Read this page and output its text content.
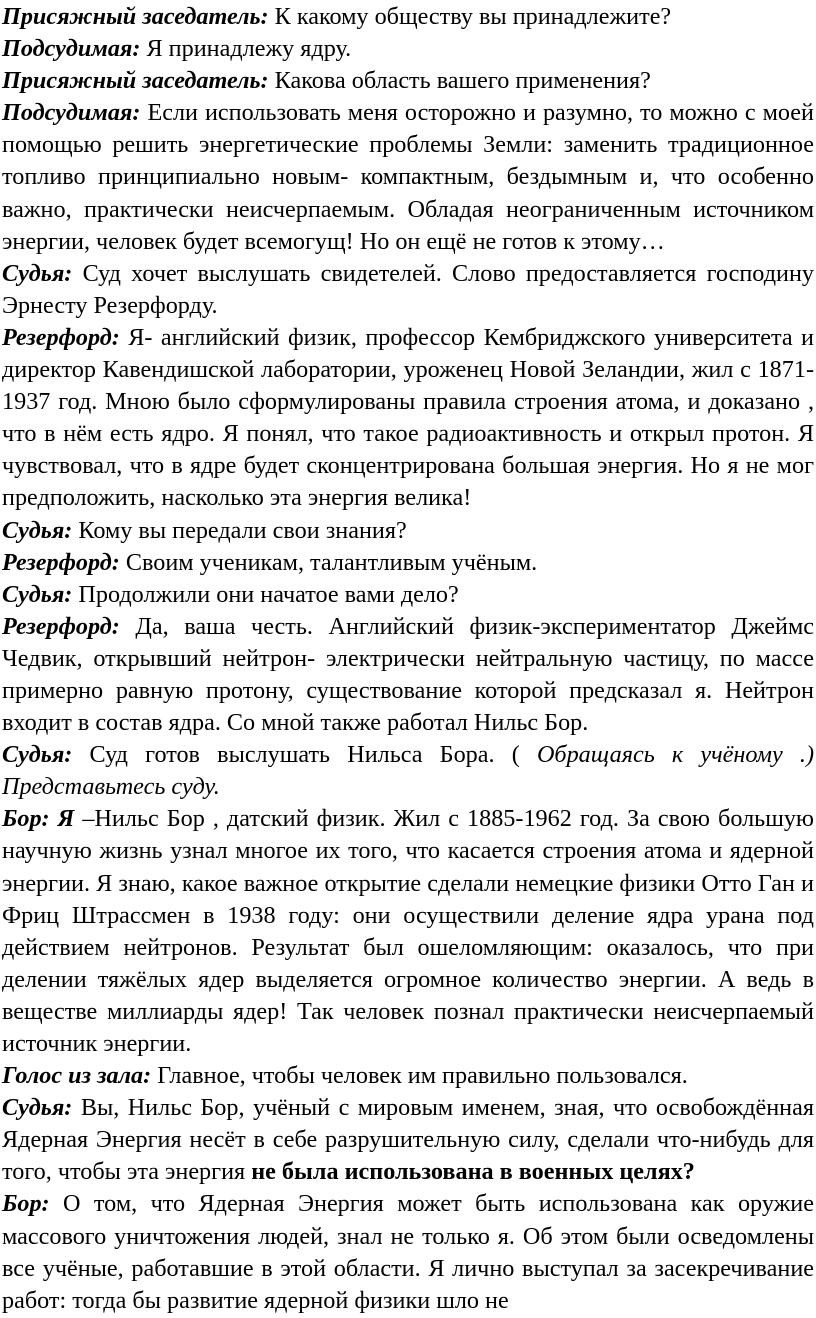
Присяжный заседатель: К какому обществу вы принадлежите?

Подсудимая: Я принадлежу ядру.

Присяжный заседатель: Какова область вашего применения?

Подсудимая: Если использовать меня осторожно и разумно, то можно с моей помощью решить энергетические проблемы Земли: заменить традиционное топливо принципиально новым- компактным, бездымным и, что особенно важно, практически неисчерпаемым. Обладая неограниченным источником энергии, человек будет всемогущ! Но он ещё не готов к этому…

Судья: Суд хочет выслушать свидетелей. Слово предоставляется господину Эрнесту Резерфорду.

Резерфорд: Я- английский физик, профессор Кембриджского университета и директор Кавендишской лаборатории, уроженец Новой Зеландии, жил с 1871-1937 год. Мною было сформулированы правила строения атома, и доказано , что в нём есть ядро. Я понял, что такое радиоактивность и открыл протон. Я чувствовал, что в ядре будет сконцентрирована большая энергия. Но я не мог предположить, насколько эта энергия велика!

Судья: Кому вы передали свои знания?

Резерфорд: Своим ученикам, талантливым учёным.

Судья: Продолжили они начатое вами дело?

Резерфорд: Да, ваша честь. Английский физик-экспериментатор Джеймс Чедвик, открывший нейтрон- электрически нейтральную частицу, по массе примерно равную протону, существование которой предсказал я. Нейтрон входит в состав ядра. Со мной также работал Нильс Бор.

Судья: Суд готов выслушать Нильса Бора. ( Обращаясь к учёному .) Представьтесь суду.

Бор: Я –Нильс Бор , датский физик. Жил с 1885-1962 год. За свою большую научную жизнь узнал многое их того, что касается строения атома и ядерной энергии. Я знаю, какое важное открытие сделали немецкие физики Отто Ган и Фриц Штрассмен в 1938 году: они осуществили деление ядра урана под действием нейтронов. Результат был ошеломляющим: оказалось, что при делении тяжёлых ядер выделяется огромное количество энергии. А ведь в веществе миллиарды ядер! Так человек познал практически неисчерпаемый источник энергии.

Голос из зала: Главное, чтобы человек им правильно пользовался.

Судья: Вы, Нильс Бор, учёный с мировым именем, зная, что освобождённая Ядерная Энергия несёт в себе разрушительную силу, сделали что-нибудь для того, чтобы эта энергия не была использована в военных целях?

Бор: О том, что Ядерная Энергия может быть использована как оружие массового уничтожения людей, знал не только я. Об этом были осведомлены все учёные, работавшие в этой области. Я лично выступал за засекречивание работ: тогда бы развитие ядерной физики шло не
